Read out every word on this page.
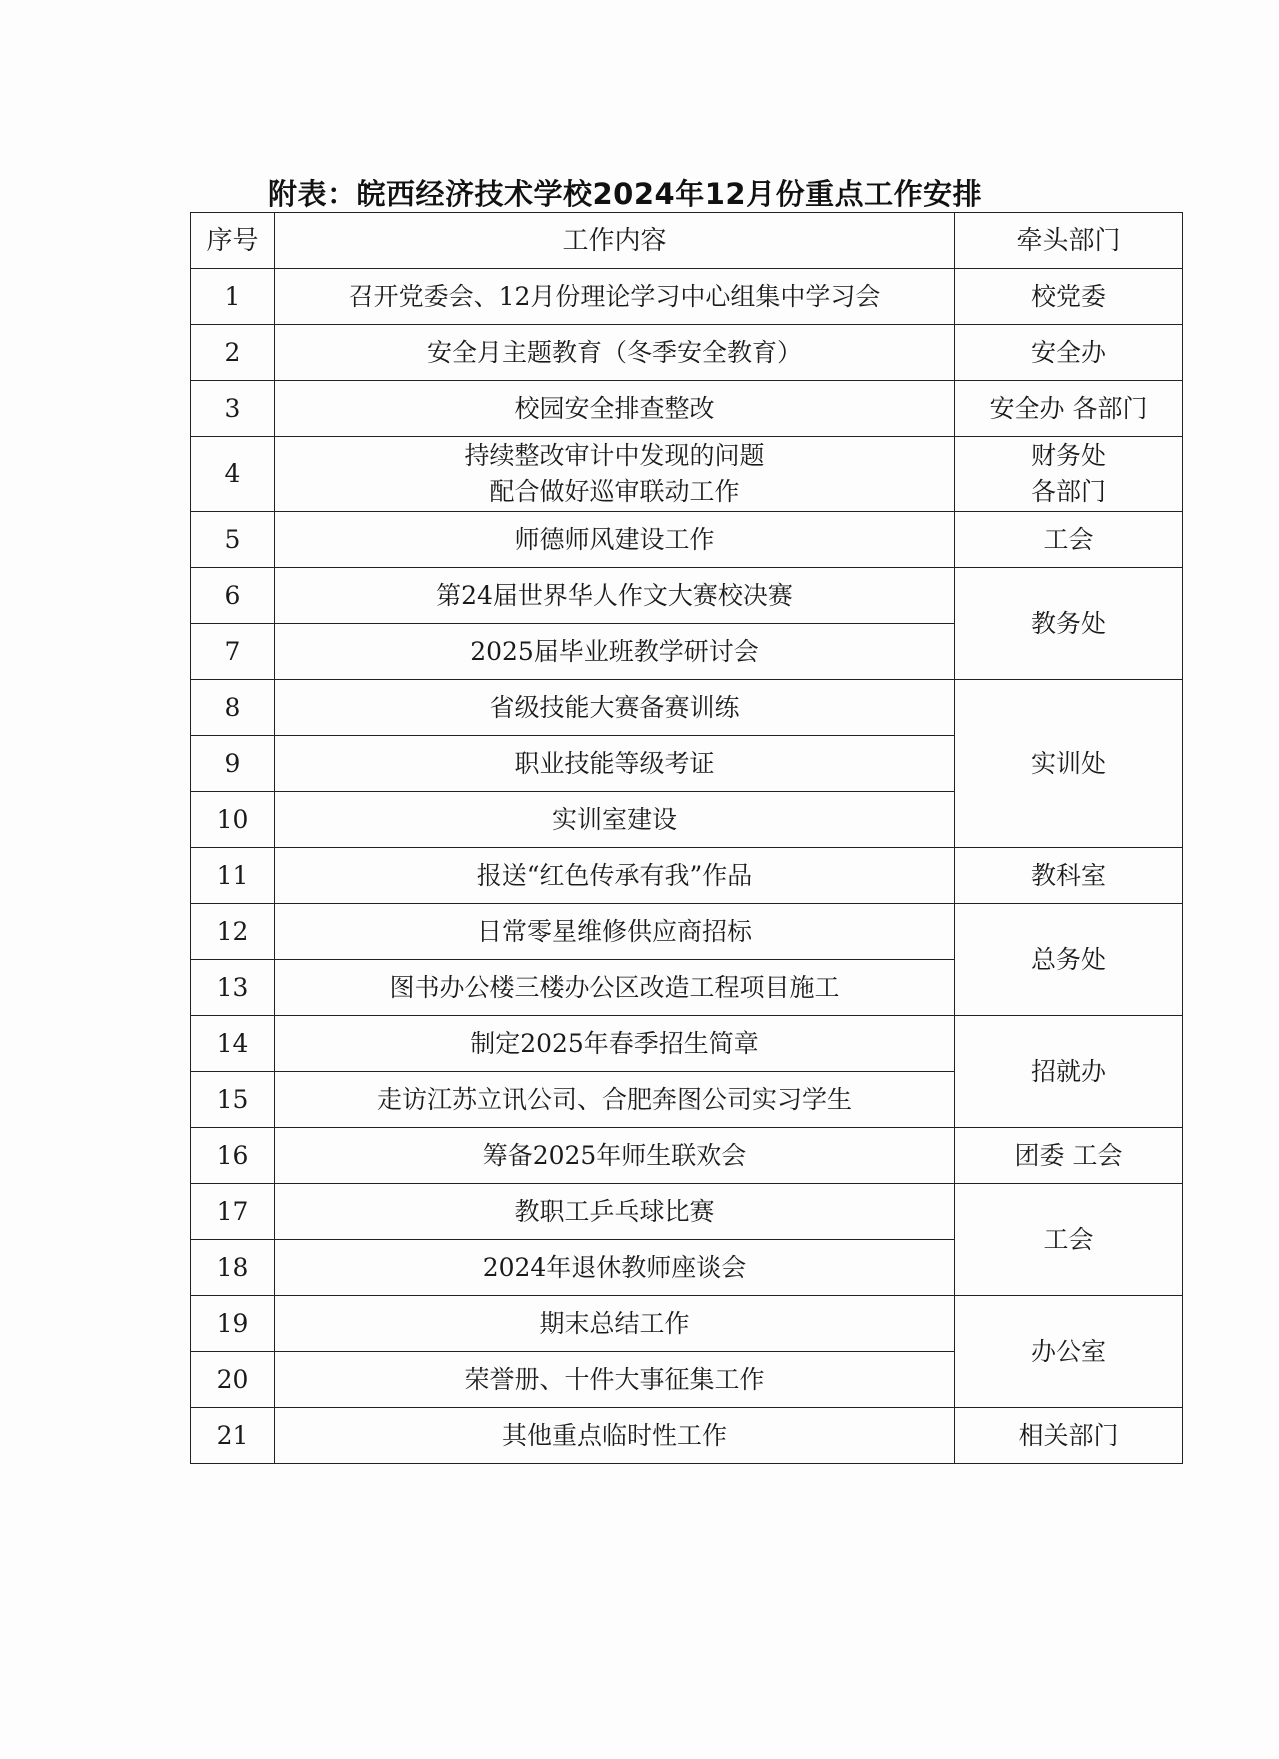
附表：皖西经济技术学校2024年12月份重点工作安排
序号	工作内容	牵头部门
1	召开党委会、12月份理论学习中心组集中学习会	校党委

2	安全月主题教育（冬季安全教育）	安全办

3	校园安全排查整改	安全办 各部门

4	持续整改审计中发现的问题
配合做好巡审联动工作	财务处
各部门

5	师德师风建设工作	工会

6	第24届世界华人作文大赛校决赛	教务处

7	2025届毕业班教学研讨会	

8	省级技能大赛备赛训练	实训处

9	职业技能等级考证	

10	实训室建设	

11	报送“红色传承有我”作品	教科室

12	日常零星维修供应商招标	总务处

13	图书办公楼三楼办公区改造工程项目施工	

14	制定2025年春季招生简章	招就办

15	走访江苏立讯公司、合肥奔图公司实习学生	

16	筹备2025年师生联欢会	团委 工会

17	教职工乒乓球比赛	工会

18	2024年退休教师座谈会	

19	期末总结工作	办公室

20	荣誉册、十件大事征集工作	

21	其他重点临时性工作	相关部门
